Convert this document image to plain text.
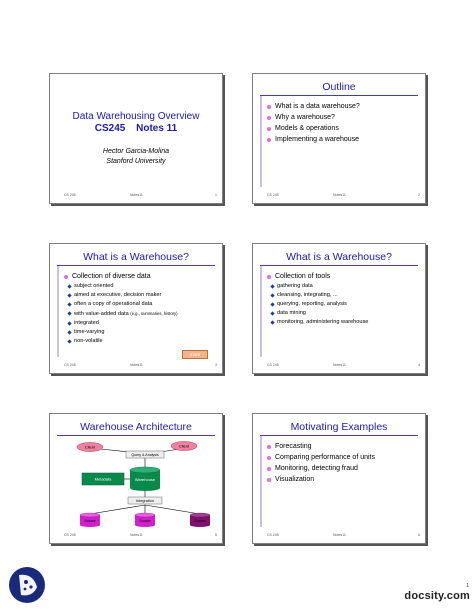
Data Warehousing Overview
CS245 Notes 11
Hector Garcia-Molina
Stanford University
CS 245	Notes11	1
Outline
What is a data warehouse?
Why a warehouse?
Models & operations
Implementing a warehouse
CS 245	Notes11	2
What is a Warehouse?
Collection of diverse data
subject oriented
aimed at executive, decision maker
often a copy of operational data
with value-added data (e.g., summaries, history)
integrated
time-varying
non-volatile
more
CS 245	Notes11	3
What is a Warehouse?
Collection of tools
gathering data
cleansing, integrating, ...
querying, reporting, analysis
data mining
monitoring, administering warehouse
CS 245	Notes11	4
Warehouse Architecture
Client	Client
Query & Analysis
Metadata	Warehouse
Integration
Source	Source	Source
CS 245	Notes11	5
Motivating Examples
Forecasting
Comparing performance of units
Monitoring, detecting fraud
Visualization
CS 245	Notes11	6
1
docsity.com
